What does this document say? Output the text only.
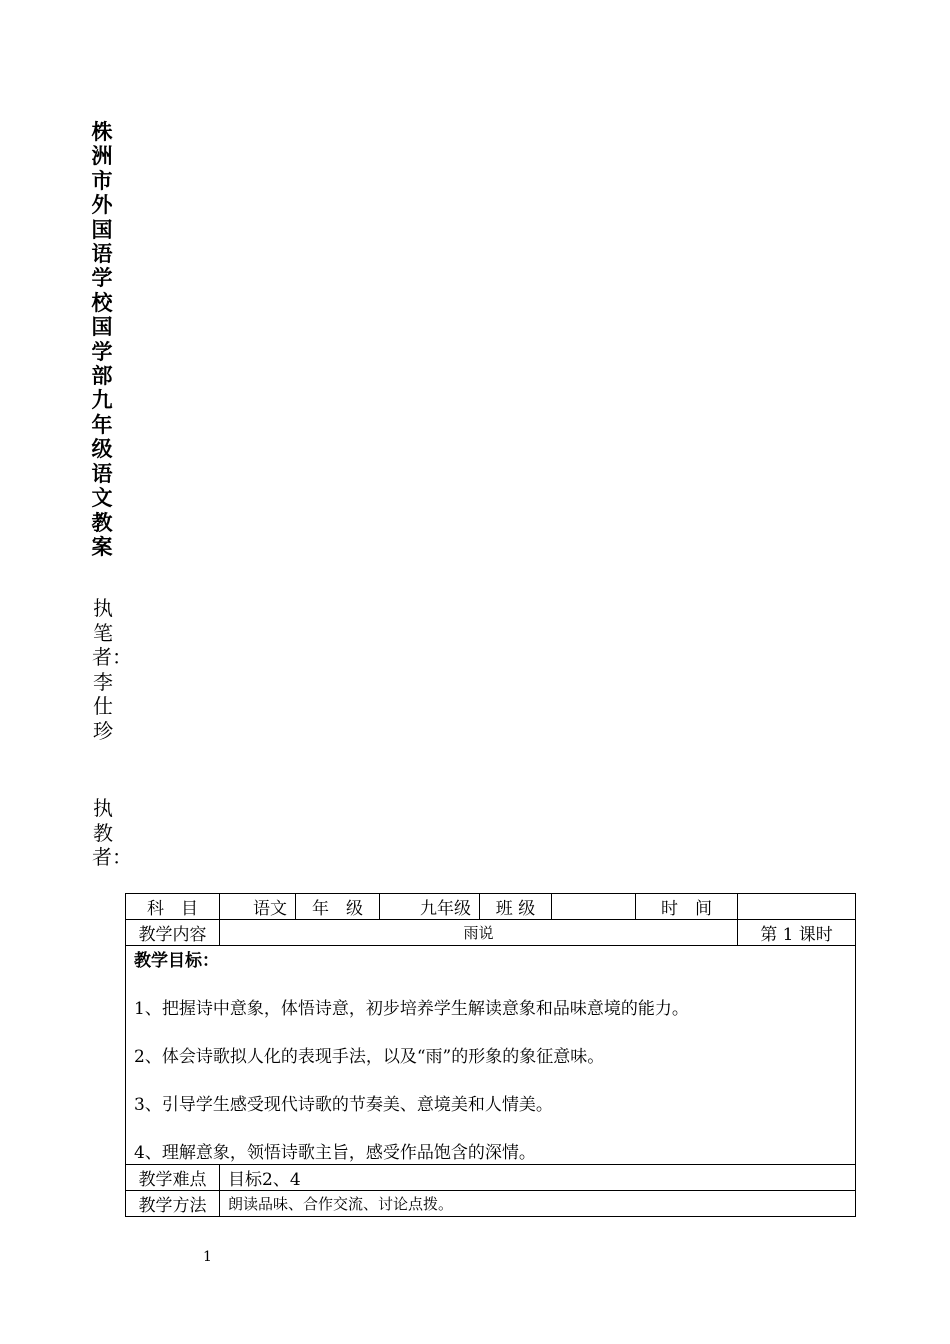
株洲市外国语学校国学部九年级语文教案
执笔者：李仕珍
执教者：
科　目	语文	年　级	九年级	班 级		时　间	
教学内容	雨说						第 1 课时

教学目标：
1、把握诗中意象，体悟诗意，初步培养学生解读意象和品味意境的能力。
2、体会诗歌拟人化的表现手法，以及“雨”的形象的象征意味。
3、引导学生感受现代诗歌的节奏美、意境美和人情美。
4、理解意象，领悟诗歌主旨，感受作品饱含的深情。							

教学难点	目标2、4						
教学方法	朗读品味、合作交流、讨论点拨。						
1
